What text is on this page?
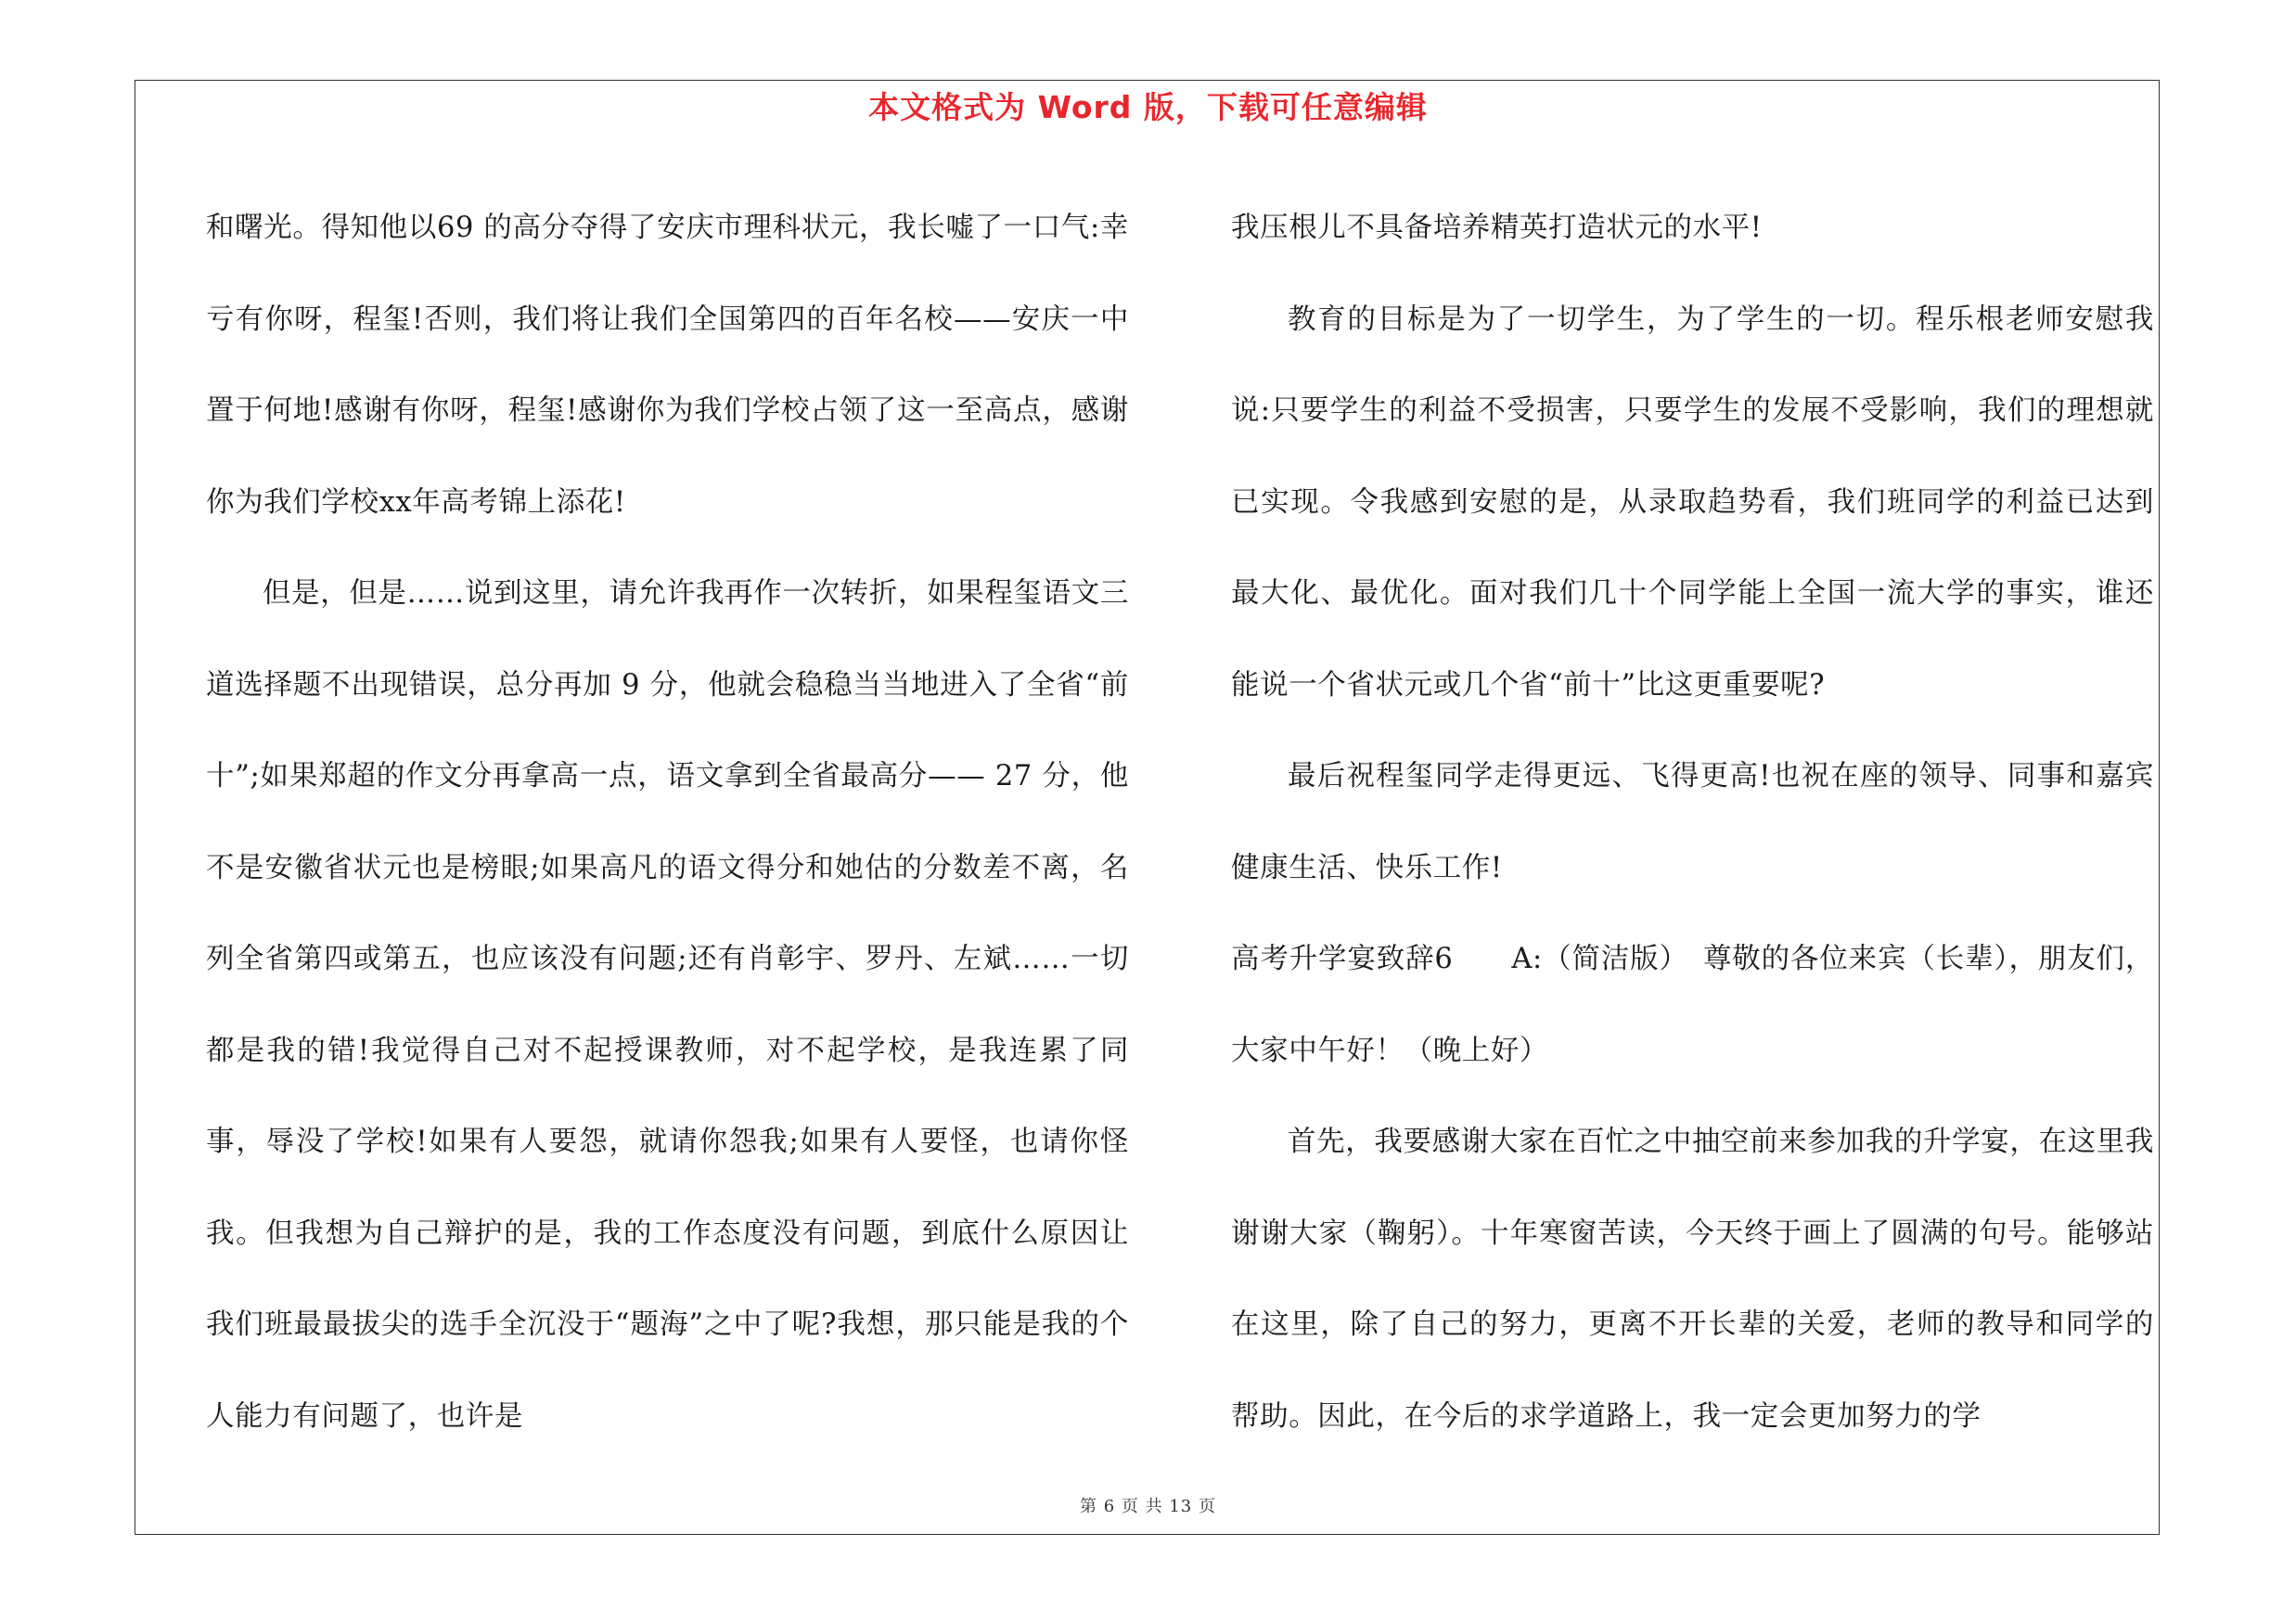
本文格式为 Word 版，下载可任意编辑

和曙光。得知他以69 的高分夺得了安庆市理科状元，我长嘘了一口气:幸亏有你呀，程玺!否则，我们将让我们全国第四的百年名校——安庆一中置于何地!感谢有你呀，程玺!感谢你为我们学校占领了这一至高点，感谢你为我们学校xx年高考锦上添花!

但是，但是……说到这里，请允许我再作一次转折，如果程玺语文三道选择题不出现错误，总分再加 9 分，他就会稳稳当当地进入了全省“前十”;如果郑超的作文分再拿高一点，语文拿到全省最高分—— 27 分，他不是安徽省状元也是榜眼;如果高凡的语文得分和她估的分数差不离，名列全省第四或第五，也应该没有问题;还有肖彰宇、罗丹、左斌……一切都是我的错!我觉得自己对不起授课教师，对不起学校，是我连累了同事，辱没了学校!如果有人要怨，就请你怨我;如果有人要怪，也请你怪我。但我想为自己辩护的是，我的工作态度没有问题，到底什么原因让我们班最最拔尖的选手全沉没于“题海”之中了呢?我想，那只能是我的个人能力有问题了，也许是

我压根儿不具备培养精英打造状元的水平!

教育的目标是为了一切学生，为了学生的一切。程乐根老师安慰我说:只要学生的利益不受损害，只要学生的发展不受影响，我们的理想就已实现。令我感到安慰的是，从录取趋势看，我们班同学的利益已达到最大化、最优化。面对我们几十个同学能上全国一流大学的事实，谁还能说一个省状元或几个省“前十”比这更重要呢?

最后祝程玺同学走得更远、飞得更高!也祝在座的领导、同事和嘉宾健康生活、快乐工作!

高考升学宴致辞6　　A:（简洁版）　尊敬的各位来宾（长辈），朋友们，大家中午好！（晚上好）

首先，我要感谢大家在百忙之中抽空前来参加我的升学宴，在这里我谢谢大家（鞠躬）。十年寒窗苦读，今天终于画上了圆满的句号。能够站在这里，除了自己的努力，更离不开长辈的关爱，老师的教导和同学的帮助。因此，在今后的求学道路上，我一定会更加努力的学

第 6 页 共 13 页
